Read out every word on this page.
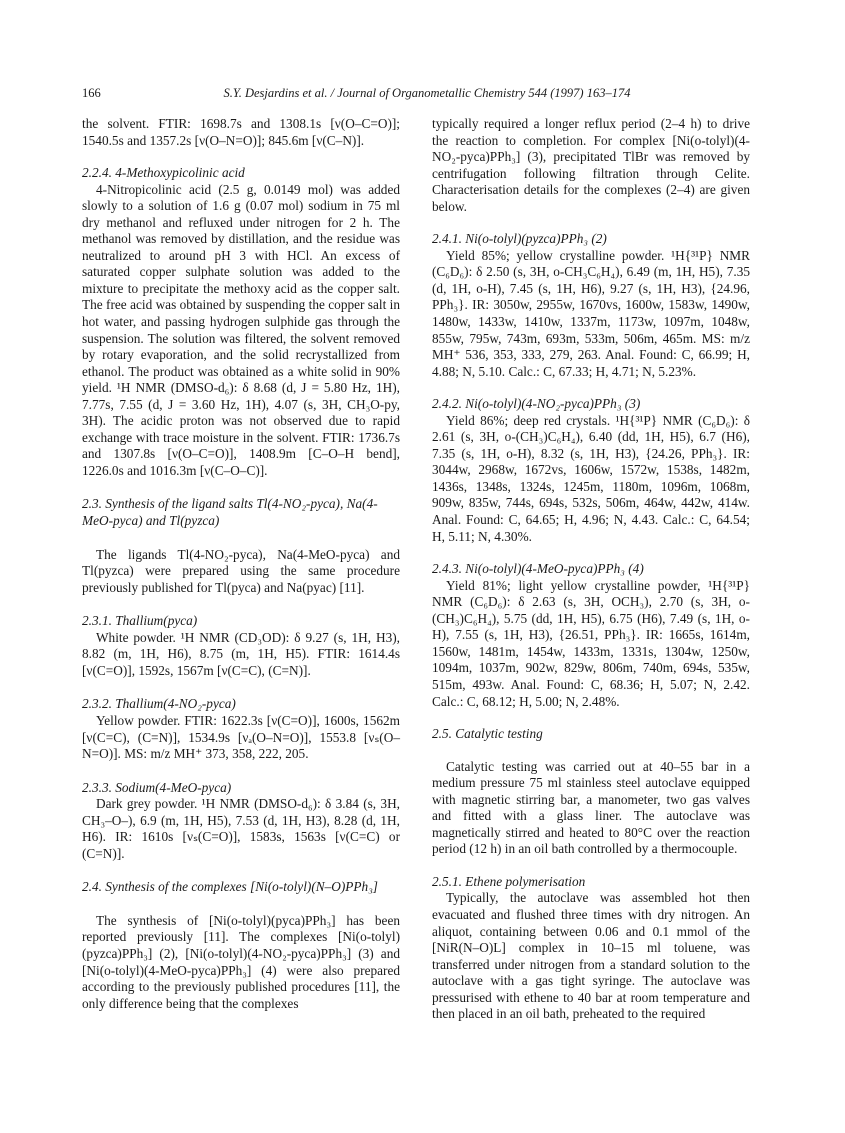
166	S.Y. Desjardins et al. / Journal of Organometallic Chemistry 544 (1997) 163–174

the solvent. FTIR: 1698.7s and 1308.1s [ν(O–C=O)]; 1540.5s and 1357.2s [ν(O–N=O)]; 845.6m [ν(C–N)].

2.2.4. 4-Methoxypicolinic acid

4-Nitropicolinic acid (2.5 g, 0.0149 mol) was added slowly to a solution of 1.6 g (0.07 mol) sodium in 75 ml dry methanol and refluxed under nitrogen for 2 h. The methanol was removed by distillation, and the residue was neutralized to around pH 3 with HCl. An excess of saturated copper sulphate solution was added to the mixture to precipitate the methoxy acid as the copper salt. The free acid was obtained by suspending the copper salt in hot water, and passing hydrogen sulphide gas through the suspension. The solution was filtered, the solvent removed by rotary evaporation, and the solid recrystallized from ethanol. The product was obtained as a white solid in 90% yield. ¹H NMR (DMSO-d₆): δ 8.68 (d, J = 5.80 Hz, 1H), 7.77s, 7.55 (d, J = 3.60 Hz, 1H), 4.07 (s, 3H, CH₃O-py, 3H). The acidic proton was not observed due to rapid exchange with trace moisture in the solvent. FTIR: 1736.7s and 1307.8s [ν(O–C=O)], 1408.9m [C–O–H bend], 1226.0s and 1016.3m [ν(C–O–C)].

2.3. Synthesis of the ligand salts Tl(4-NO₂-pyca), Na(4-MeO-pyca) and Tl(pyzca)

The ligands Tl(4-NO₂-pyca), Na(4-MeO-pyca) and Tl(pyzca) were prepared using the same procedure previously published for Tl(pyca) and Na(pyac) [11].

2.3.1. Thallium(pyca)

White powder. ¹H NMR (CD₃OD): δ 9.27 (s, 1H, H3), 8.82 (m, 1H, H6), 8.75 (m, 1H, H5). FTIR: 1614.4s [ν(C=O)], 1592s, 1567m [ν(C=C), (C=N)].

2.3.2. Thallium(4-NO₂-pyca)

Yellow powder. FTIR: 1622.3s [ν(C=O)], 1600s, 1562m [ν(C=C), (C=N)], 1534.9s [νₐ(O–N=O)], 1553.8 [νₛ(O–N=O)]. MS: m/z MH⁺ 373, 358, 222, 205.

2.3.3. Sodium(4-MeO-pyca)

Dark grey powder. ¹H NMR (DMSO-d₆): δ 3.84 (s, 3H, CH₃–O–), 6.9 (m, 1H, H5), 7.53 (d, 1H, H3), 8.28 (d, 1H, H6). IR: 1610s [νₛ(C=O)], 1583s, 1563s [ν(C=C) or (C=N)].

2.4. Synthesis of the complexes [Ni(o-tolyl)(N–O)PPh₃]

The synthesis of [Ni(o-tolyl)(pyca)PPh₃] has been reported previously [11]. The complexes [Ni(o-tolyl)(pyzca)PPh₃] (2), [Ni(o-tolyl)(4-NO₂-pyca)PPh₃] (3) and [Ni(o-tolyl)(4-MeO-pyca)PPh₃] (4) were also prepared according to the previously published procedures [11], the only difference being that the complexes

typically required a longer reflux period (2–4 h) to drive the reaction to completion. For complex [Ni(o-tolyl)(4-NO₂-pyca)PPh₃] (3), precipitated TlBr was removed by centrifugation following filtration through Celite. Characterisation details for the complexes (2–4) are given below.

2.4.1. Ni(o-tolyl)(pyzca)PPh₃ (2)

Yield 85%; yellow crystalline powder. ¹H{³¹P} NMR (C₆D₆): δ 2.50 (s, 3H, o-CH₃C₆H₄), 6.49 (m, 1H, H5), 7.35 (d, 1H, o-H), 7.45 (s, 1H, H6), 9.27 (s, 1H, H3), {24.96, PPh₃}. IR: 3050w, 2955w, 1670vs, 1600w, 1583w, 1490w, 1480w, 1433w, 1410w, 1337m, 1173w, 1097m, 1048w, 855w, 795w, 743m, 693m, 533m, 506m, 465m. MS: m/z MH⁺ 536, 353, 333, 279, 263. Anal. Found: C, 66.99; H, 4.88; N, 5.10. Calc.: C, 67.33; H, 4.71; N, 5.23%.

2.4.2. Ni(o-tolyl)(4-NO₂-pyca)PPh₃ (3)

Yield 86%; deep red crystals. ¹H{³¹P} NMR (C₆D₆): δ 2.61 (s, 3H, o-(CH₃)C₆H₄), 6.40 (dd, 1H, H5), 6.7 (H6), 7.35 (s, 1H, o-H), 8.32 (s, 1H, H3), {24.26, PPh₃}. IR: 3044w, 2968w, 1672vs, 1606w, 1572w, 1538s, 1482m, 1436s, 1348s, 1324s, 1245m, 1180m, 1096m, 1068m, 909w, 835w, 744s, 694s, 532s, 506m, 464w, 442w, 414w. Anal. Found: C, 64.65; H, 4.96; N, 4.43. Calc.: C, 64.54; H, 5.11; N, 4.30%.

2.4.3. Ni(o-tolyl)(4-MeO-pyca)PPh₃ (4)

Yield 81%; light yellow crystalline powder, ¹H{³¹P} NMR (C₆D₆): δ 2.63 (s, 3H, OCH₃), 2.70 (s, 3H, o-(CH₃)C₆H₄), 5.75 (dd, 1H, H5), 6.75 (H6), 7.49 (s, 1H, o-H), 7.55 (s, 1H, H3), {26.51, PPh₃}. IR: 1665s, 1614m, 1560w, 1481m, 1454w, 1433m, 1331s, 1304w, 1250w, 1094m, 1037m, 902w, 829w, 806m, 740m, 694s, 535w, 515m, 493w. Anal. Found: C, 68.36; H, 5.07; N, 2.42. Calc.: C, 68.12; H, 5.00; N, 2.48%.

2.5. Catalytic testing

Catalytic testing was carried out at 40–55 bar in a medium pressure 75 ml stainless steel autoclave equipped with magnetic stirring bar, a manometer, two gas valves and fitted with a glass liner. The autoclave was magnetically stirred and heated to 80°C over the reaction period (12 h) in an oil bath controlled by a thermocouple.

2.5.1. Ethene polymerisation

Typically, the autoclave was assembled hot then evacuated and flushed three times with dry nitrogen. An aliquot, containing between 0.06 and 0.1 mmol of the [NiR(N–O)L] complex in 10–15 ml toluene, was transferred under nitrogen from a standard solution to the autoclave with a gas tight syringe. The autoclave was pressurised with ethene to 40 bar at room temperature and then placed in an oil bath, preheated to the required
